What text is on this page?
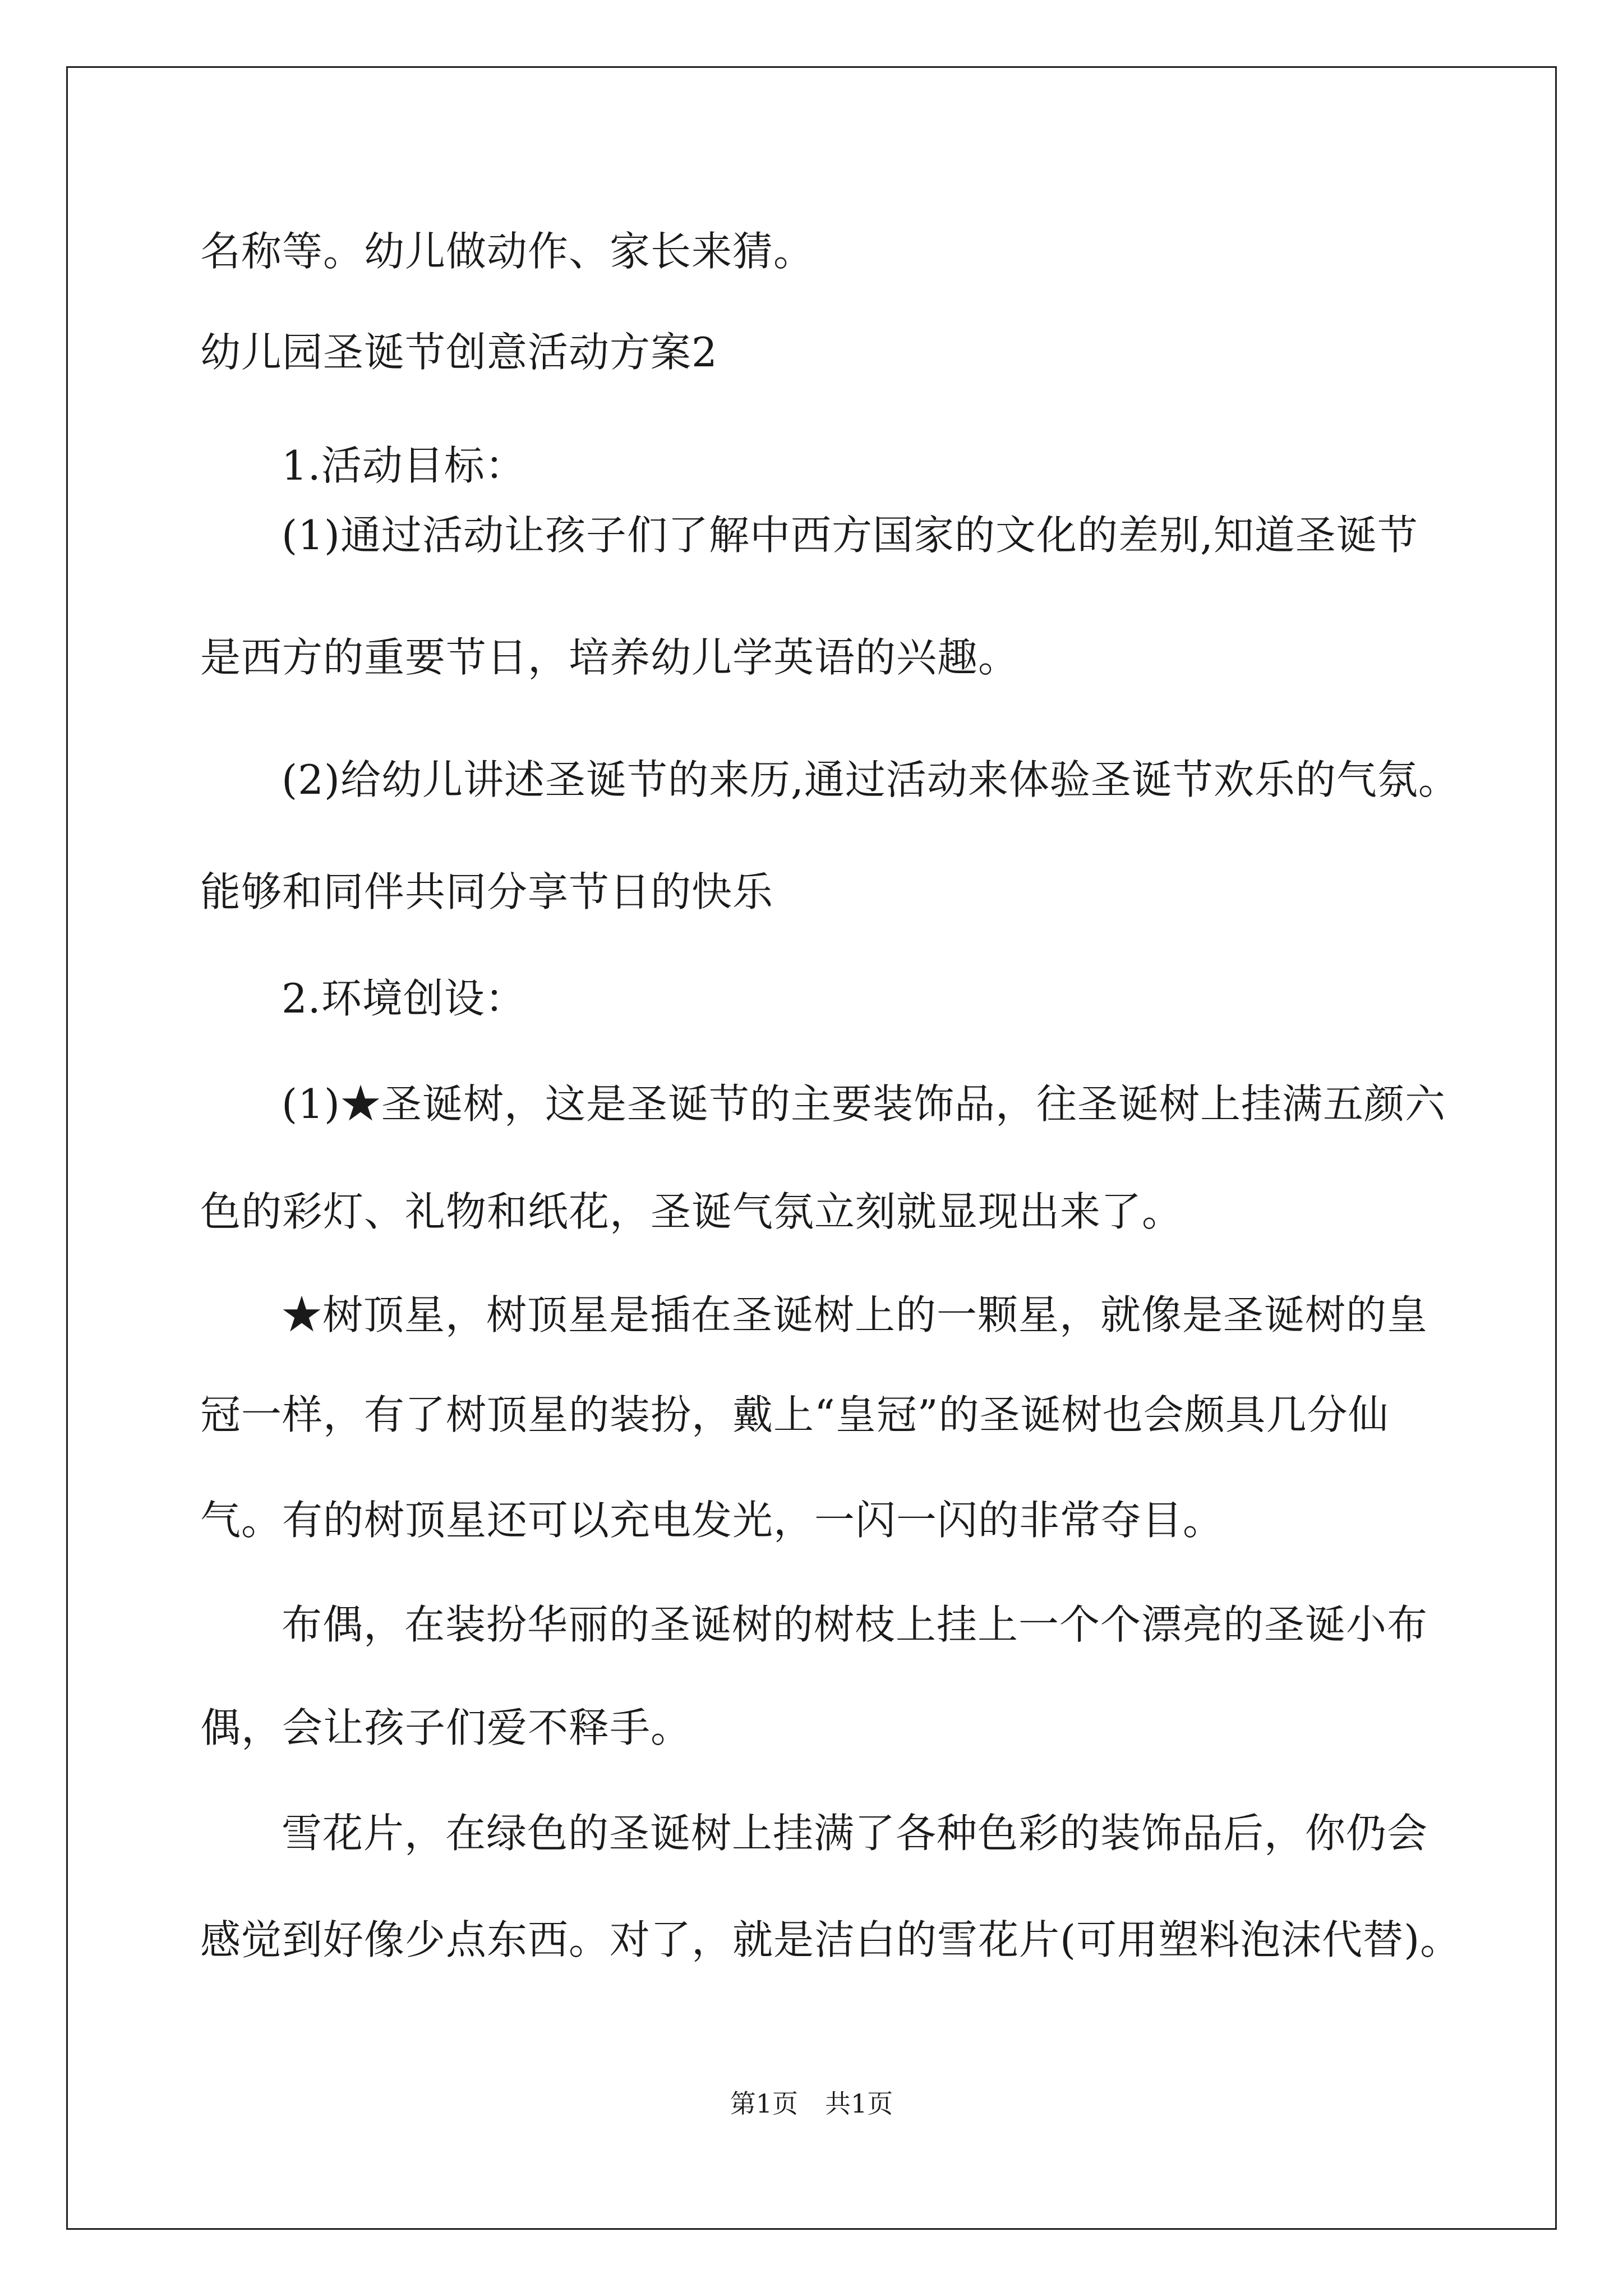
名称等。幼儿做动作、家长来猜。
幼儿园圣诞节创意活动方案2
1.活动目标：
(1)通过活动让孩子们了解中西方国家的文化的差别,知道圣诞节
是西方的重要节日，培养幼儿学英语的兴趣。
(2)给幼儿讲述圣诞节的来历,通过活动来体验圣诞节欢乐的气氛。
能够和同伴共同分享节日的快乐
2.环境创设：
(1)★圣诞树，这是圣诞节的主要装饰品，往圣诞树上挂满五颜六
色的彩灯、礼物和纸花，圣诞气氛立刻就显现出来了。
★树顶星，树顶星是插在圣诞树上的一颗星，就像是圣诞树的皇
冠一样，有了树顶星的装扮，戴上“皇冠”的圣诞树也会颇具几分仙
气。有的树顶星还可以充电发光，一闪一闪的非常夺目。
布偶，在装扮华丽的圣诞树的树枝上挂上一个个漂亮的圣诞小布
偶，会让孩子们爱不释手。
雪花片，在绿色的圣诞树上挂满了各种色彩的装饰品后，你仍会
感觉到好像少点东西。对了，就是洁白的雪花片(可用塑料泡沫代替)。
第1页 共1页
